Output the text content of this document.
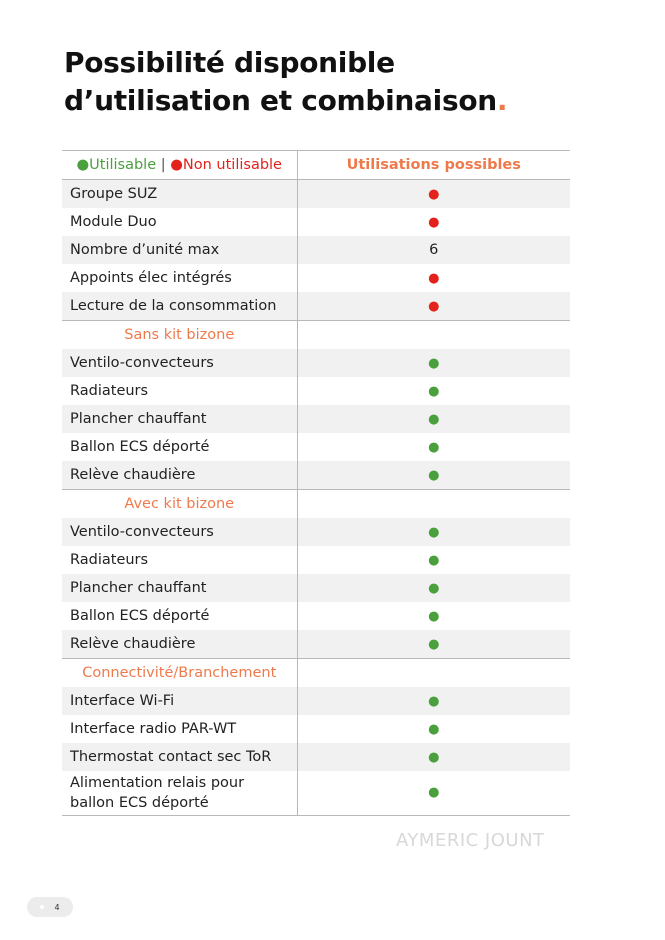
Possibilité disponible
d’utilisation et combinaison.
●Utilisable | ●Non utilisable	Utilisations possibles
Groupe SUZ	●
Module Duo	●
Nombre d’unité max	6
Appoints élec intégrés	●
Lecture de la consommation	●
Sans kit bizone	
Ventilo-convecteurs	●
Radiateurs	●
Plancher chauffant	●
Ballon ECS déporté	●
Relève chaudière	●
Avec kit bizone	
Ventilo-convecteurs	●
Radiateurs	●
Plancher chauffant	●
Ballon ECS déporté	●
Relève chaudière	●
Connectivité/Branchement	
Interface Wi-Fi	●
Interface radio PAR-WT	●
Thermostat contact sec ToR	●

Alimentation relais pour
ballon ECS déporté	●
AYMERIC JOUNT
4
